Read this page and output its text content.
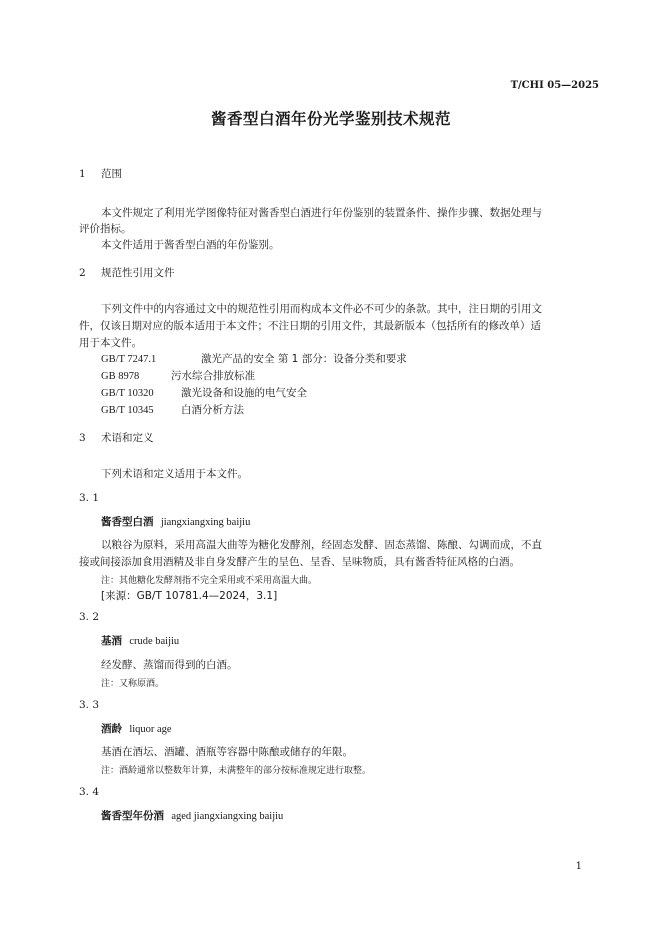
T/CHI 05—2025
酱香型白酒年份光学鉴别技术规范
1 范围
本文件规定了利用光学图像特征对酱香型白酒进行年份鉴别的装置条件、操作步骤、数据处理与
评价指标。
本文件适用于酱香型白酒的年份鉴别。
2 规范性引用文件
下列文件中的内容通过文中的规范性引用而构成本文件必不可少的条款。其中，注日期的引用文
件，仅该日期对应的版本适用于本文件；不注日期的引用文件，其最新版本（包括所有的修改单）适
用于本文件。
GB/T 7247.1	激光产品的安全 第 1 部分：设备分类和要求
GB 8978	污水综合排放标准
GB/T 10320	激光设备和设施的电气安全
GB/T 10345	白酒分析方法
3 术语和定义
下列术语和定义适用于本文件。
3. 1
酱香型白酒 jiangxiangxing baijiu
以粮谷为原料，采用高温大曲等为糖化发酵剂，经固态发酵、固态蒸馏、陈酿、勾调而成，不直
接或间接添加食用酒精及非自身发酵产生的呈色、呈香、呈味物质，具有酱香特征风格的白酒。
注：其他糖化发酵剂指不完全采用或不采用高温大曲。
[来源：GB/T 10781.4—2024，3.1]
3. 2
基酒 crude baijiu
经发酵、蒸馏而得到的白酒。
注：又称原酒。
3. 3
酒龄 liquor age
基酒在酒坛、酒罐、酒瓶等容器中陈酿或储存的年限。
注：酒龄通常以整数年计算，未满整年的部分按标准规定进行取整。
3. 4
酱香型年份酒 aged jiangxiangxing baijiu
1
